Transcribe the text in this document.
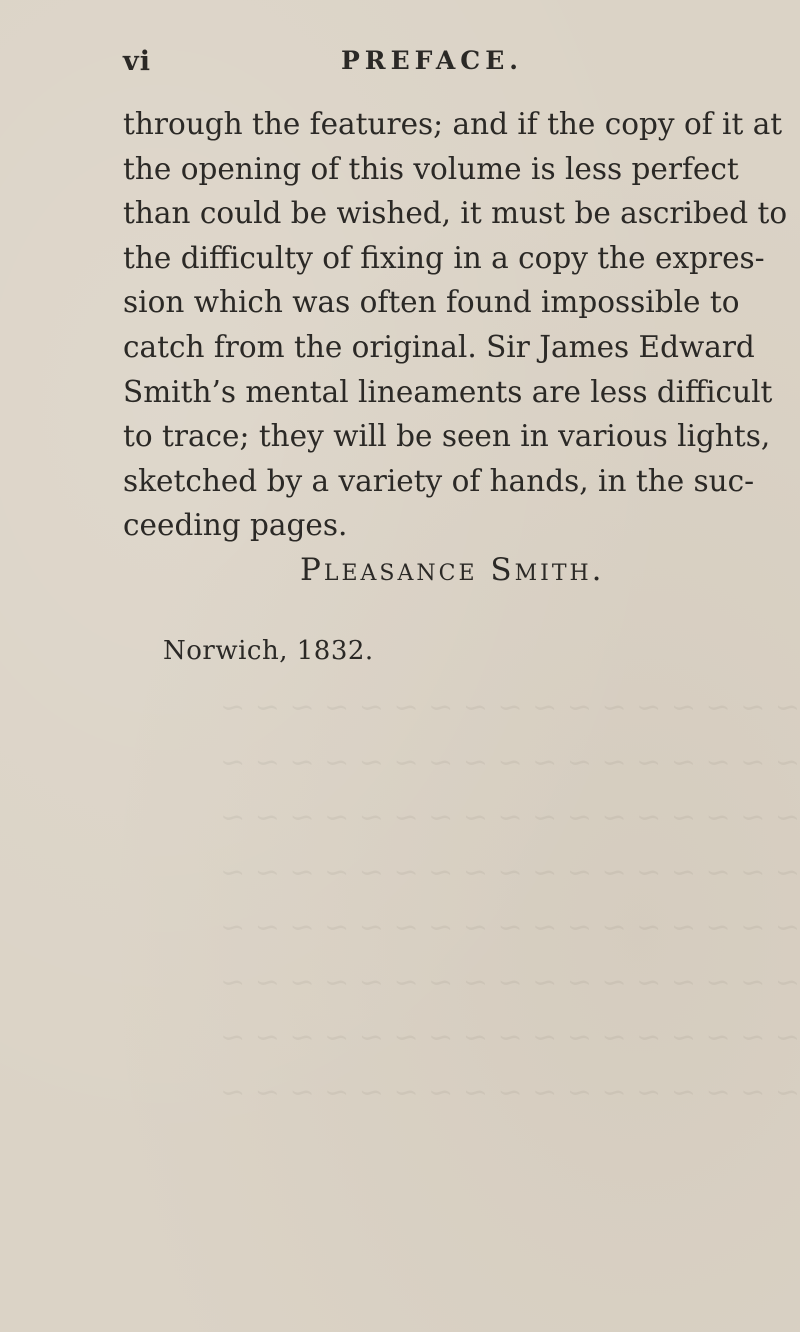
~ ~ ~ ~ ~ ~ ~ ~ ~ ~ ~ ~ ~ ~ ~ ~ ~
~ ~ ~ ~ ~ ~ ~ ~ ~ ~ ~ ~ ~ ~ ~ ~ ~
~ ~ ~ ~ ~ ~ ~ ~ ~ ~ ~ ~ ~ ~ ~ ~ ~
~ ~ ~ ~ ~ ~ ~ ~ ~ ~ ~ ~ ~ ~ ~ ~ ~
~ ~ ~ ~ ~ ~ ~ ~ ~ ~ ~ ~ ~ ~ ~ ~ ~
~ ~ ~ ~ ~ ~ ~ ~ ~ ~ ~ ~ ~ ~ ~ ~ ~
~ ~ ~ ~ ~ ~ ~ ~ ~ ~ ~ ~ ~ ~ ~ ~ ~
~ ~ ~ ~ ~ ~ ~ ~ ~ ~ ~ ~ ~ ~ ~ ~ ~
vi	PREFACE.
through the features; and if the copy of it at
the opening of this volume is less perfect
than could be wished, it must be ascribed to
the difficulty of fixing in a copy the expres-
sion which was often found impossible to
catch from the original. Sir James Edward
Smith’s mental lineaments are less difficult
to trace; they will be seen in various lights,
sketched by a variety of hands, in the suc-
ceeding pages.
Pleasance Smith.
Norwich, 1832.
